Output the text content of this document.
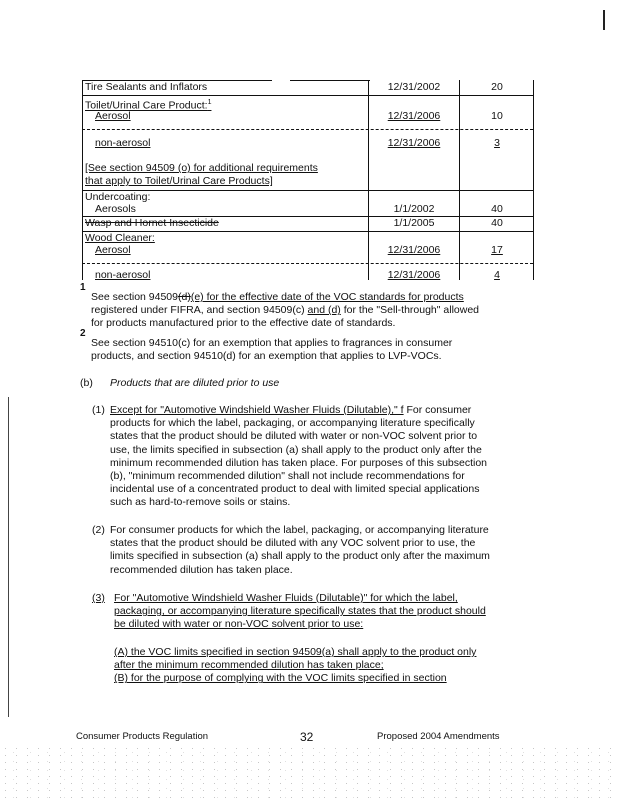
Tire Sealants and Inflators	12/31/2002	20
Toilet/Urinal Care Product:$^1$
Aerosol	12/31/2006	10
non-aerosol	12/31/2006	3
[See section 94509 (o) for additional requirements
that apply to Toilet/Urinal Care Products]
Undercoating:
Aerosols	1/1/2002	40
Wasp and Hornet Insecticide	1/1/2005	40
Wood Cleaner:
Aerosol	12/31/2006	17
non-aerosol	12/31/2006	4
1
See section 94509(d)(e) for the effective date of the VOC standards for products
registered under FIFRA, and section 94509(c) and (d) for the "Sell-through" allowed
for products manufactured prior to the effective date of standards.
2
See section 94510(c) for an exemption that applies to fragrances in consumer
products, and section 94510(d) for an exemption that applies to LVP-VOCs.
(b) Products that are diluted prior to use
(1) Except for "Automotive Windshield Washer Fluids (Dilutable)," f For consumer
products for which the label, packaging, or accompanying literature specifically
states that the product should be diluted with water or non-VOC solvent prior to
use, the limits specified in subsection (a) shall apply to the product only after the
minimum recommended dilution has taken place. For purposes of this subsection
(b), "minimum recommended dilution" shall not include recommendations for
incidental use of a concentrated product to deal with limited special applications
such as hard-to-remove soils or stains.
(2) For consumer products for which the label, packaging, or accompanying literature
states that the product should be diluted with any VOC solvent prior to use, the
limits specified in subsection (a) shall apply to the product only after the maximum
recommended dilution has taken place.
(3) For "Automotive Windshield Washer Fluids (Dilutable)" for which the label,
packaging, or accompanying literature specifically states that the product should
be diluted with water or non-VOC solvent prior to use:
(A) the VOC limits specified in section 94509(a) shall apply to the product only
after the minimum recommended dilution has taken place;
(B) for the purpose of complying with the VOC limits specified in section
Consumer Products Regulation	32	Proposed 2004 Amendments
